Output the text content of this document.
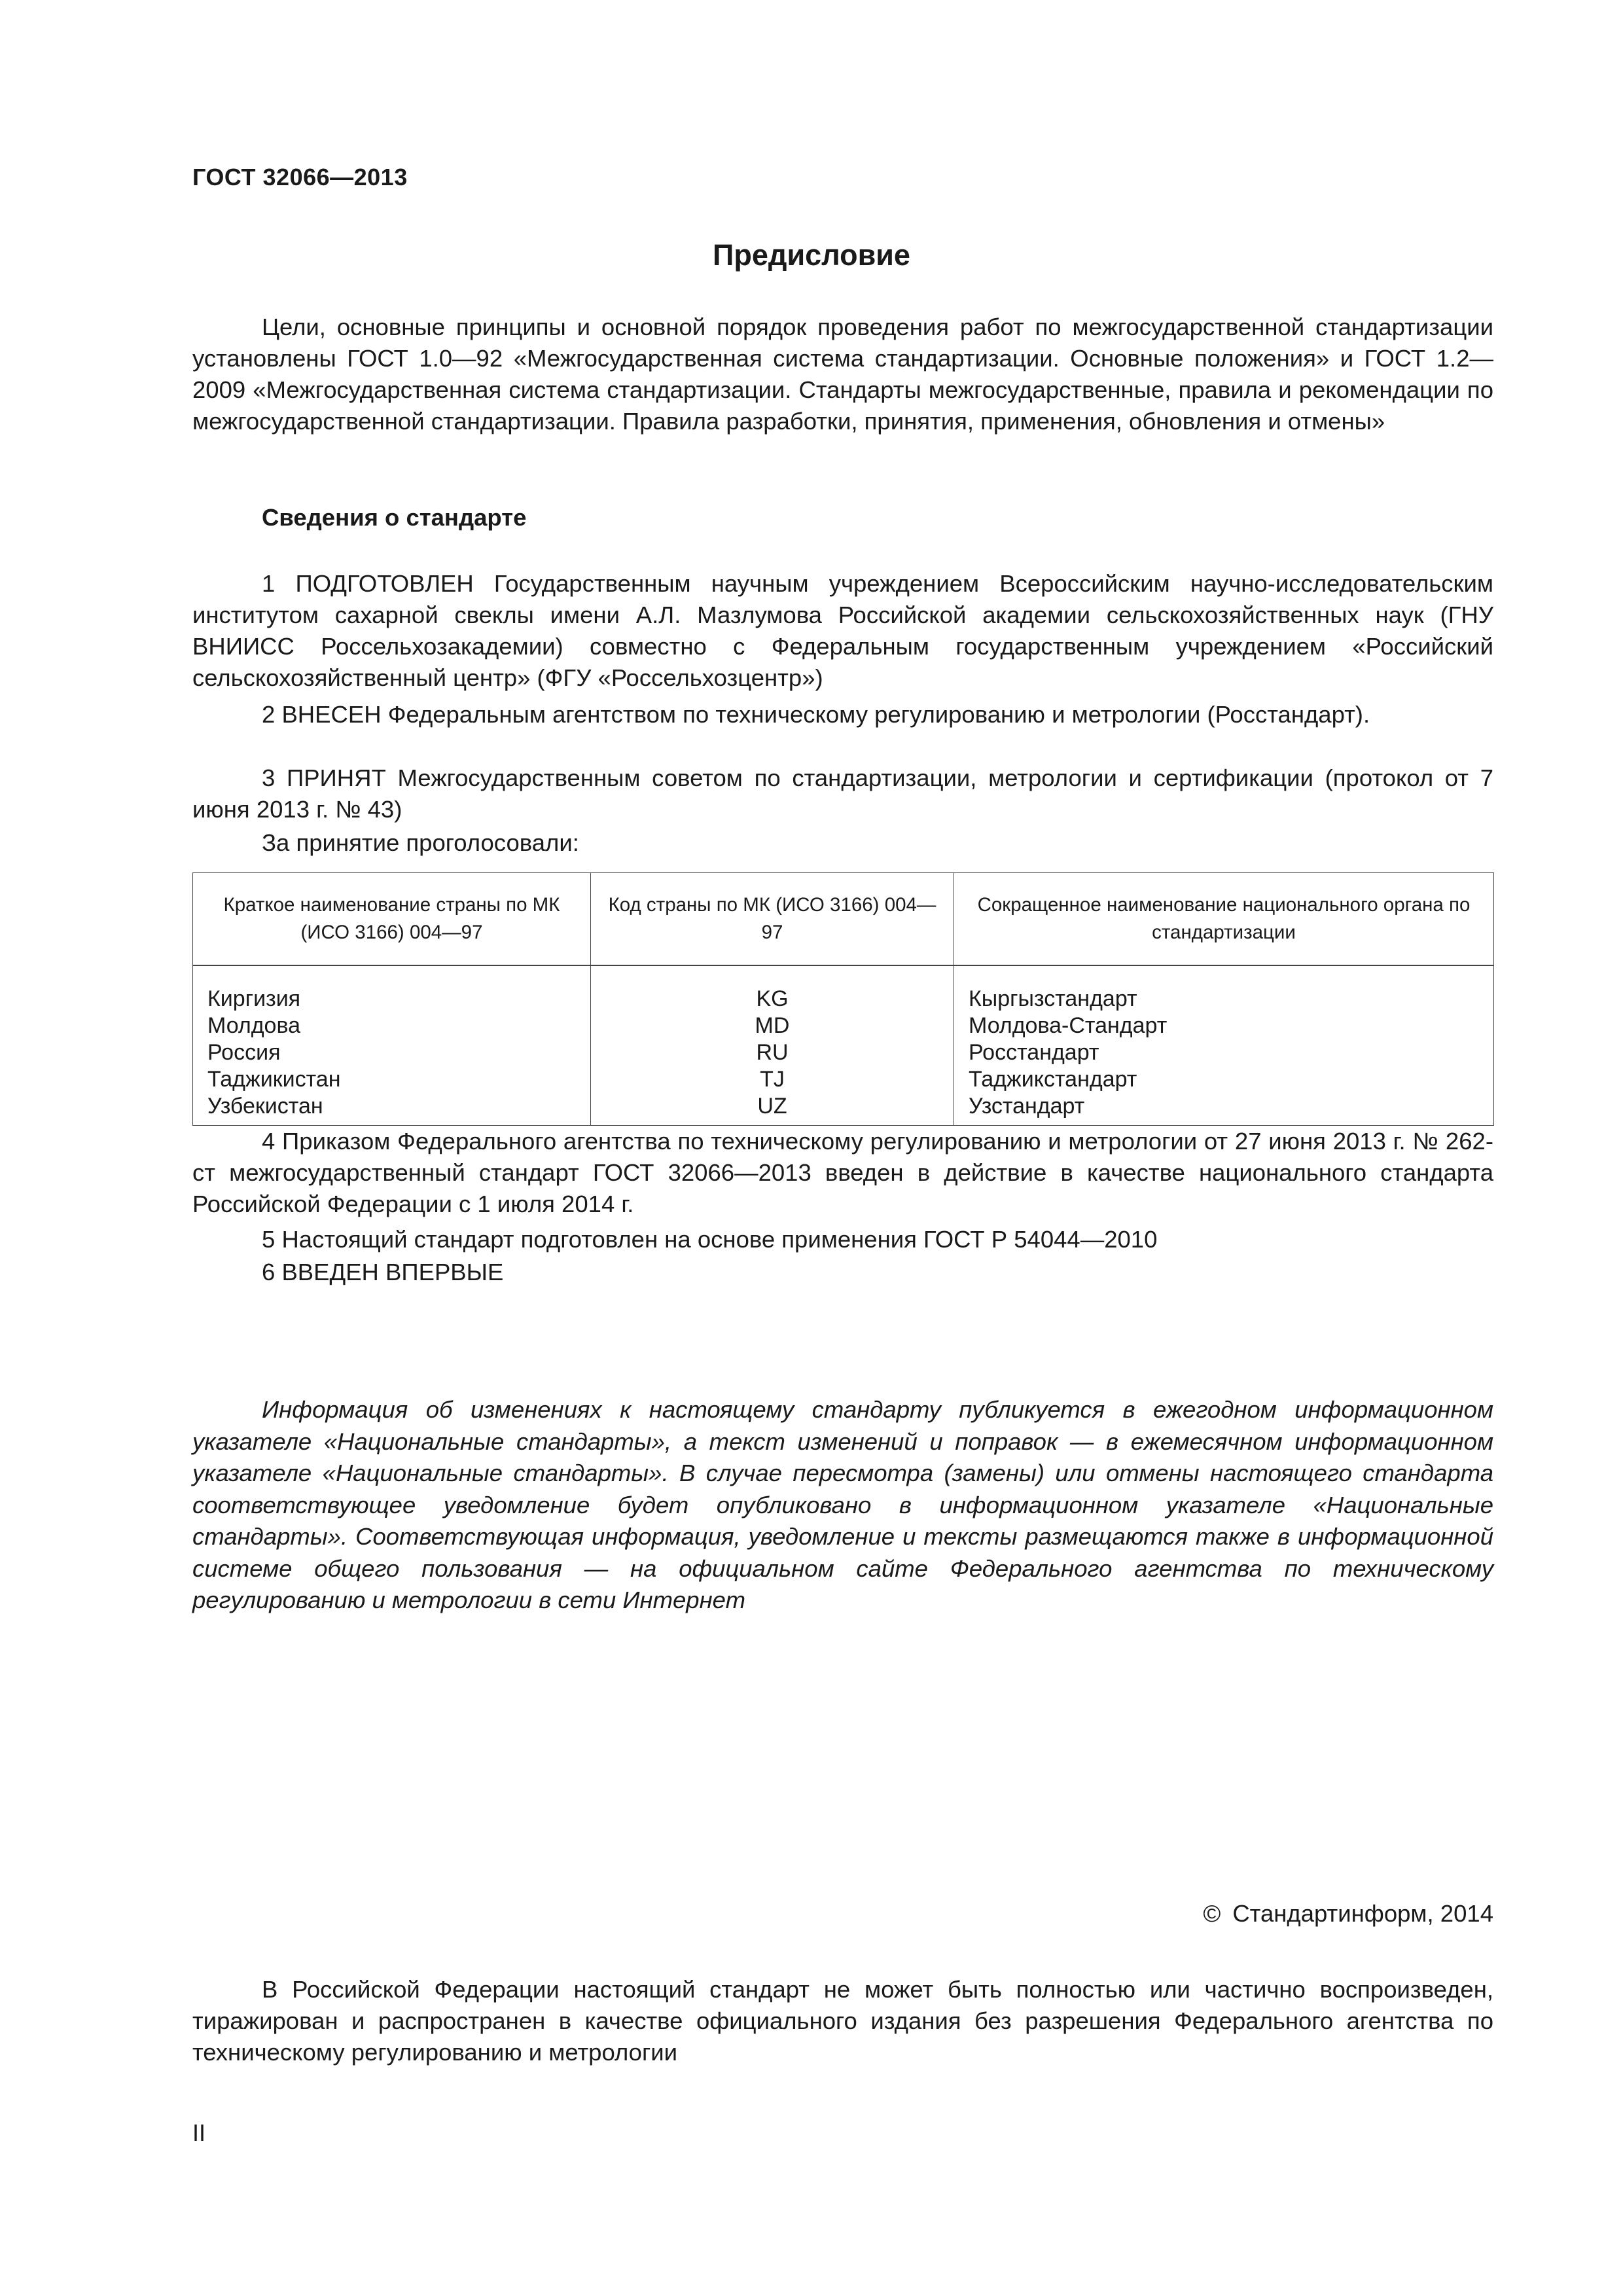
ГОСТ 32066—2013
Предисловие

Цели, основные принципы и основной порядок проведения работ по межгосударственной стандартизации установлены ГОСТ 1.0—92 «Межгосударственная система стандартизации. Основные положения» и ГОСТ 1.2—2009 «Межгосударственная система стандартизации. Стандарты межгосударственные, правила и рекомендации по межгосударственной стандартизации. Правила разработки, принятия, применения, обновления и отмены»

Сведения о стандарте

1 ПОДГОТОВЛЕН Государственным научным учреждением Всероссийским научно-исследовательским институтом сахарной свеклы имени А.Л. Мазлумова Российской академии сельскохозяйственных наук (ГНУ ВНИИСС Россельхозакадемии) совместно с Федеральным государственным учреждением «Российский сельскохозяйственный центр» (ФГУ «Россельхозцентр»)

2 ВНЕСЕН Федеральным агентством по техническому регулированию и метрологии (Росстандарт).

3 ПРИНЯТ Межгосударственным советом по стандартизации, метрологии и сертификации (протокол от 7 июня 2013 г. № 43)

За принятие проголосовали:

Краткое наименование страны по МК (ИСО 3166) 004—97	Код страны по МК (ИСО 3166) 004—97	Сокращенное наименование национального органа по стандартизации
Киргизия	KG	Кыргызстандарт
Молдова	MD	Молдова-Стандарт
Россия	RU	Росстандарт
Таджикистан	TJ	Таджикстандарт
Узбекистан	UZ	Узстандарт

4 Приказом Федерального агентства по техническому регулированию и метрологии от 27 июня 2013 г. № 262-ст межгосударственный стандарт ГОСТ 32066—2013 введен в действие в качестве национального стандарта Российской Федерации с 1 июля 2014 г.

5 Настоящий стандарт подготовлен на основе применения ГОСТ Р 54044—2010

6 ВВЕДЕН ВПЕРВЫЕ

Информация об изменениях к настоящему стандарту публикуется в ежегодном информационном указателе «Национальные стандарты», а текст изменений и поправок — в ежемесячном информационном указателе «Национальные стандарты». В случае пересмотра (замены) или отмены настоящего стандарта соответствующее уведомление будет опубликовано в информационном указателе «Национальные стандарты». Соответствующая информация, уведомление и тексты размещаются также в информационной системе общего пользования — на официальном сайте Федерального агентства по техническому регулированию и метрологии в сети Интернет

© Стандартинформ, 2014

В Российской Федерации настоящий стандарт не может быть полностью или частично воспроизведен, тиражирован и распространен в качестве официального издания без разрешения Федерального агентства по техническому регулированию и метрологии

II
